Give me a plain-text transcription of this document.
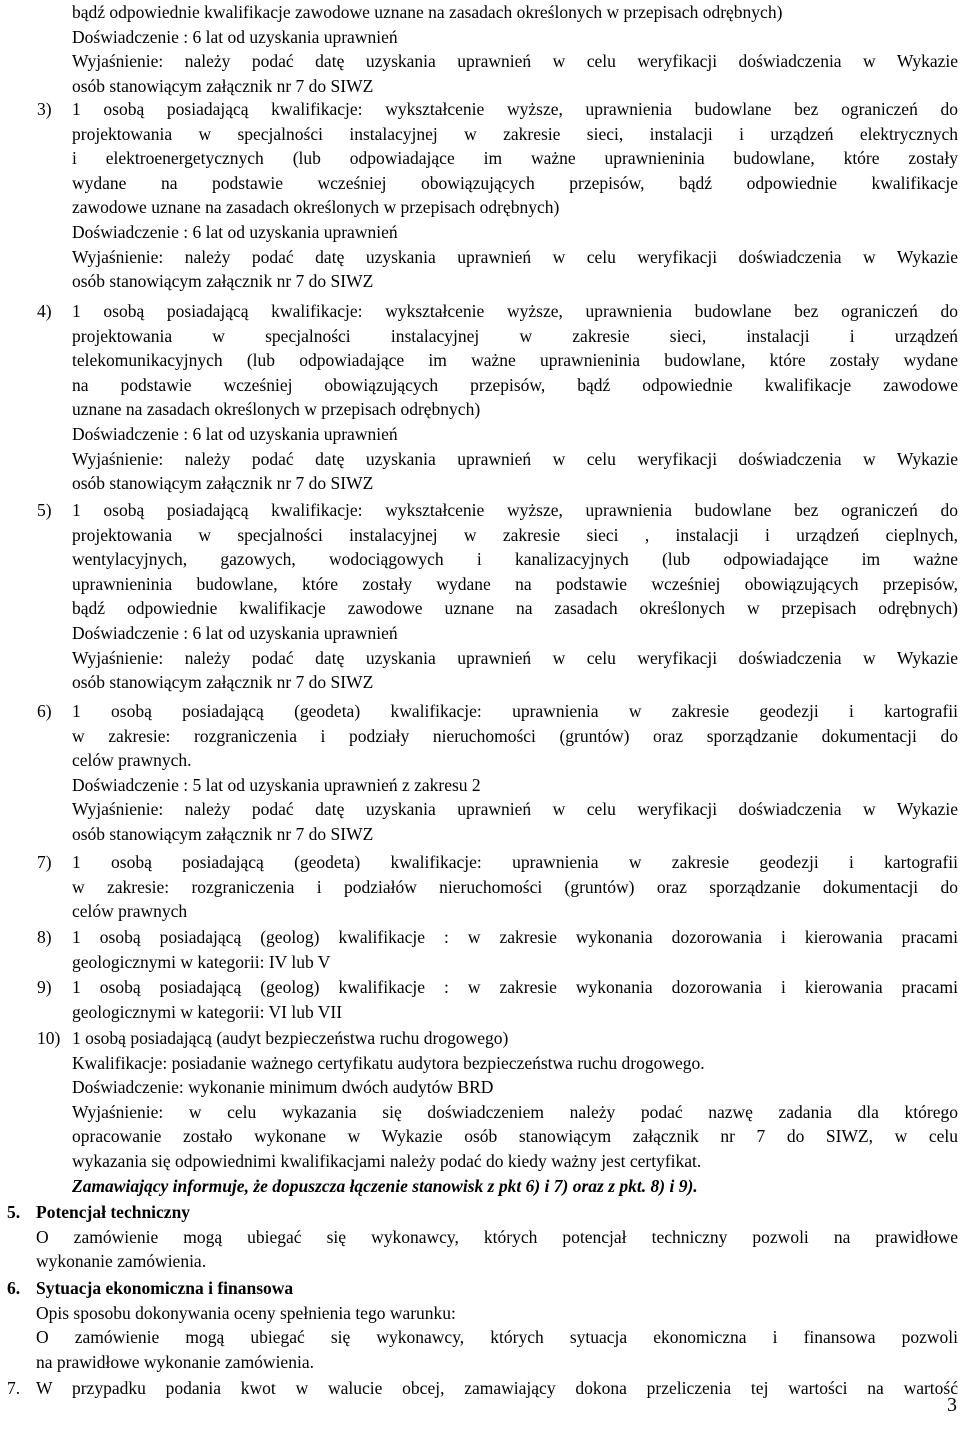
bądź odpowiednie kwalifikacje zawodowe uznane na zasadach określonych w przepisach odrębnych)
Doświadczenie : 6 lat od uzyskania uprawnień
Wyjaśnienie: należy podać datę uzyskania uprawnień w celu weryfikacji doświadczenia w Wykazie
osób stanowiącym załącznik nr 7 do SIWZ
3) 1 osobą posiadającą kwalifikacje: wykształcenie wyższe, uprawnienia budowlane bez ograniczeń do
projektowania w specjalności instalacyjnej w zakresie sieci, instalacji i urządzeń elektrycznych
i elektroenergetycznych (lub odpowiadające im ważne uprawnieninia budowlane, które zostały
wydane na podstawie wcześniej obowiązujących przepisów, bądź odpowiednie kwalifikacje
zawodowe uznane na zasadach określonych w przepisach odrębnych)
Doświadczenie : 6 lat od uzyskania uprawnień
Wyjaśnienie: należy podać datę uzyskania uprawnień w celu weryfikacji doświadczenia w Wykazie
osób stanowiącym załącznik nr 7 do SIWZ
4) 1 osobą posiadającą kwalifikacje: wykształcenie wyższe, uprawnienia budowlane bez ograniczeń do
projektowania w specjalności instalacyjnej w zakresie sieci, instalacji i urządzeń
telekomunikacyjnych (lub odpowiadające im ważne uprawnieninia budowlane, które zostały wydane
na podstawie wcześniej obowiązujących przepisów, bądź odpowiednie kwalifikacje zawodowe
uznane na zasadach określonych w przepisach odrębnych)
Doświadczenie : 6 lat od uzyskania uprawnień
Wyjaśnienie: należy podać datę uzyskania uprawnień w celu weryfikacji doświadczenia w Wykazie
osób stanowiącym załącznik nr 7 do SIWZ
5) 1 osobą posiadającą kwalifikacje: wykształcenie wyższe, uprawnienia budowlane bez ograniczeń do
projektowania w specjalności instalacyjnej w zakresie sieci , instalacji i urządzeń cieplnych,
wentylacyjnych, gazowych, wodociągowych i kanalizacyjnych (lub odpowiadające im ważne
uprawnieninia budowlane, które zostały wydane na podstawie wcześniej obowiązujących przepisów,
bądź odpowiednie kwalifikacje zawodowe uznane na zasadach określonych w przepisach odrębnych)
Doświadczenie : 6 lat od uzyskania uprawnień
Wyjaśnienie: należy podać datę uzyskania uprawnień w celu weryfikacji doświadczenia w Wykazie
osób stanowiącym załącznik nr 7 do SIWZ
6) 1 osobą posiadającą (geodeta) kwalifikacje: uprawnienia w zakresie geodezji i kartografii
w zakresie: rozgraniczenia i podziały nieruchomości (gruntów) oraz sporządzanie dokumentacji do
celów prawnych.
Doświadczenie : 5 lat od uzyskania uprawnień z zakresu 2
Wyjaśnienie: należy podać datę uzyskania uprawnień w celu weryfikacji doświadczenia w Wykazie
osób stanowiącym załącznik nr 7 do SIWZ
7) 1 osobą posiadającą (geodeta) kwalifikacje: uprawnienia w zakresie geodezji i kartografii
w zakresie: rozgraniczenia i podziałów nieruchomości (gruntów) oraz sporządzanie dokumentacji do
celów prawnych
8) 1 osobą posiadającą (geolog) kwalifikacje : w zakresie wykonania dozorowania i kierowania pracami
geologicznymi w kategorii: IV lub V
9) 1 osobą posiadającą (geolog) kwalifikacje : w zakresie wykonania dozorowania i kierowania pracami
geologicznymi w kategorii: VI lub VII
10) 1 osobą posiadającą (audyt bezpieczeństwa ruchu drogowego)
Kwalifikacje: posiadanie ważnego certyfikatu audytora bezpieczeństwa ruchu drogowego.
Doświadczenie: wykonanie minimum dwóch audytów BRD
Wyjaśnienie: w celu wykazania się doświadczeniem należy podać nazwę zadania dla którego
opracowanie zostało wykonane w Wykazie osób stanowiącym załącznik nr 7 do SIWZ, w celu
wykazania się odpowiednimi kwalifikacjami należy podać do kiedy ważny jest certyfikat.
Zamawiający informuje, że dopuszcza łączenie stanowisk z pkt 6) i 7) oraz z pkt. 8) i 9).
5. Potencjał techniczny
O zamówienie mogą ubiegać się wykonawcy, których potencjał techniczny pozwoli na prawidłowe
wykonanie zamówienia.
6. Sytuacja ekonomiczna i finansowa
Opis sposobu dokonywania oceny spełnienia tego warunku:
O zamówienie mogą ubiegać się wykonawcy, których sytuacja ekonomiczna i finansowa pozwoli
na prawidłowe wykonanie zamówienia.
7. W przypadku podania kwot w walucie obcej, zamawiający dokona przeliczenia tej wartości na wartość
3
